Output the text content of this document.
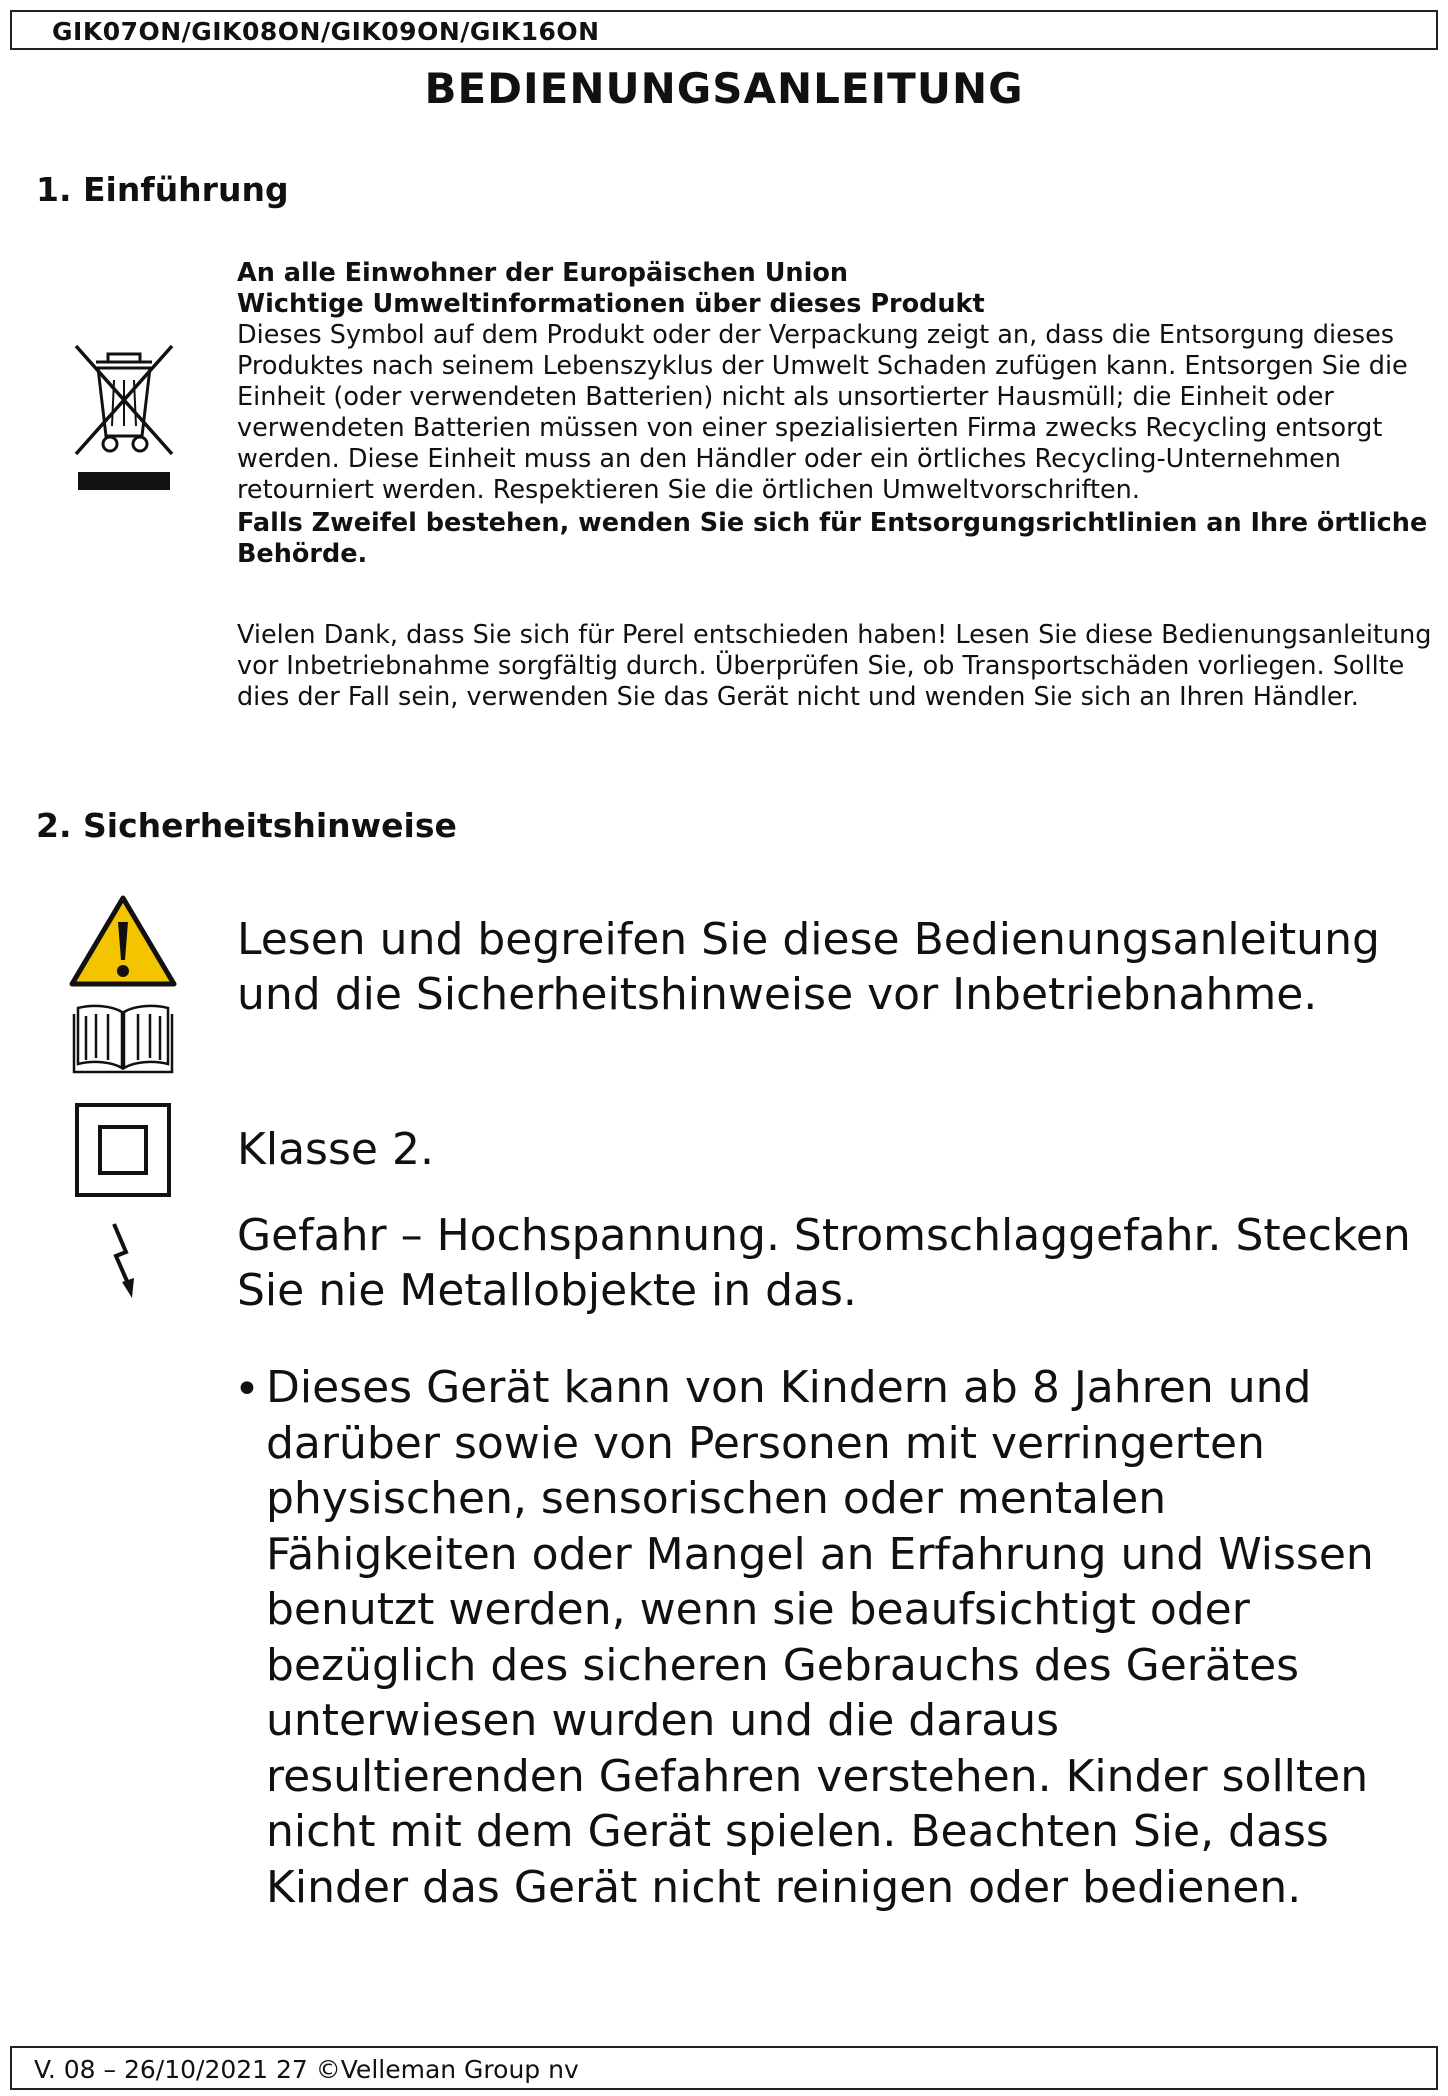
GIK07ON/GIK08ON/GIK09ON/GIK16ON
BEDIENUNGSANLEITUNG
1. Einführung

An alle Einwohner der Europäischen Union

Wichtige Umweltinformationen über dieses Produkt

Dieses Symbol auf dem Produkt oder der Verpackung zeigt an, dass die Entsorgung dieses Produktes nach seinem Lebenszyklus der Umwelt Schaden zufügen kann. Entsorgen Sie die Einheit (oder verwendeten Batterien) nicht als unsortierter Hausmüll; die Einheit oder verwendeten Batterien müssen von einer spezialisierten Firma zwecks Recycling entsorgt werden. Diese Einheit muss an den Händler oder ein örtliches Recycling-Unternehmen retourniert werden. Respektieren Sie die örtlichen Umweltvorschriften.

Falls Zweifel bestehen, wenden Sie sich für Entsorgungsrichtlinien an Ihre örtliche Behörde.

Vielen Dank, dass Sie sich für Perel entschieden haben! Lesen Sie diese Bedienungsanleitung vor Inbetriebnahme sorgfältig durch. Überprüfen Sie, ob Transportschäden vorliegen. Sollte dies der Fall sein, verwenden Sie das Gerät nicht und wenden Sie sich an Ihren Händler.

2. Sicherheitshinweise

Lesen und begreifen Sie diese Bedienungsanleitung und die Sicherheitshinweise vor Inbetriebnahme.

Klasse 2.

Gefahr – Hochspannung. Stromschlaggefahr. Stecken Sie nie Metallobjekte in das.

• Dieses Gerät kann von Kindern ab 8 Jahren und darüber sowie von Personen mit verringerten physischen, sensorischen oder mentalen Fähigkeiten oder Mangel an Erfahrung und Wissen benutzt werden, wenn sie beaufsichtigt oder bezüglich des sicheren Gebrauchs des Gerätes unterwiesen wurden und die daraus resultierenden Gefahren verstehen. Kinder sollten nicht mit dem Gerät spielen. Beachten Sie, dass Kinder das Gerät nicht reinigen oder bedienen.

V. 08 – 26/10/2021 27 ©Velleman Group nv
